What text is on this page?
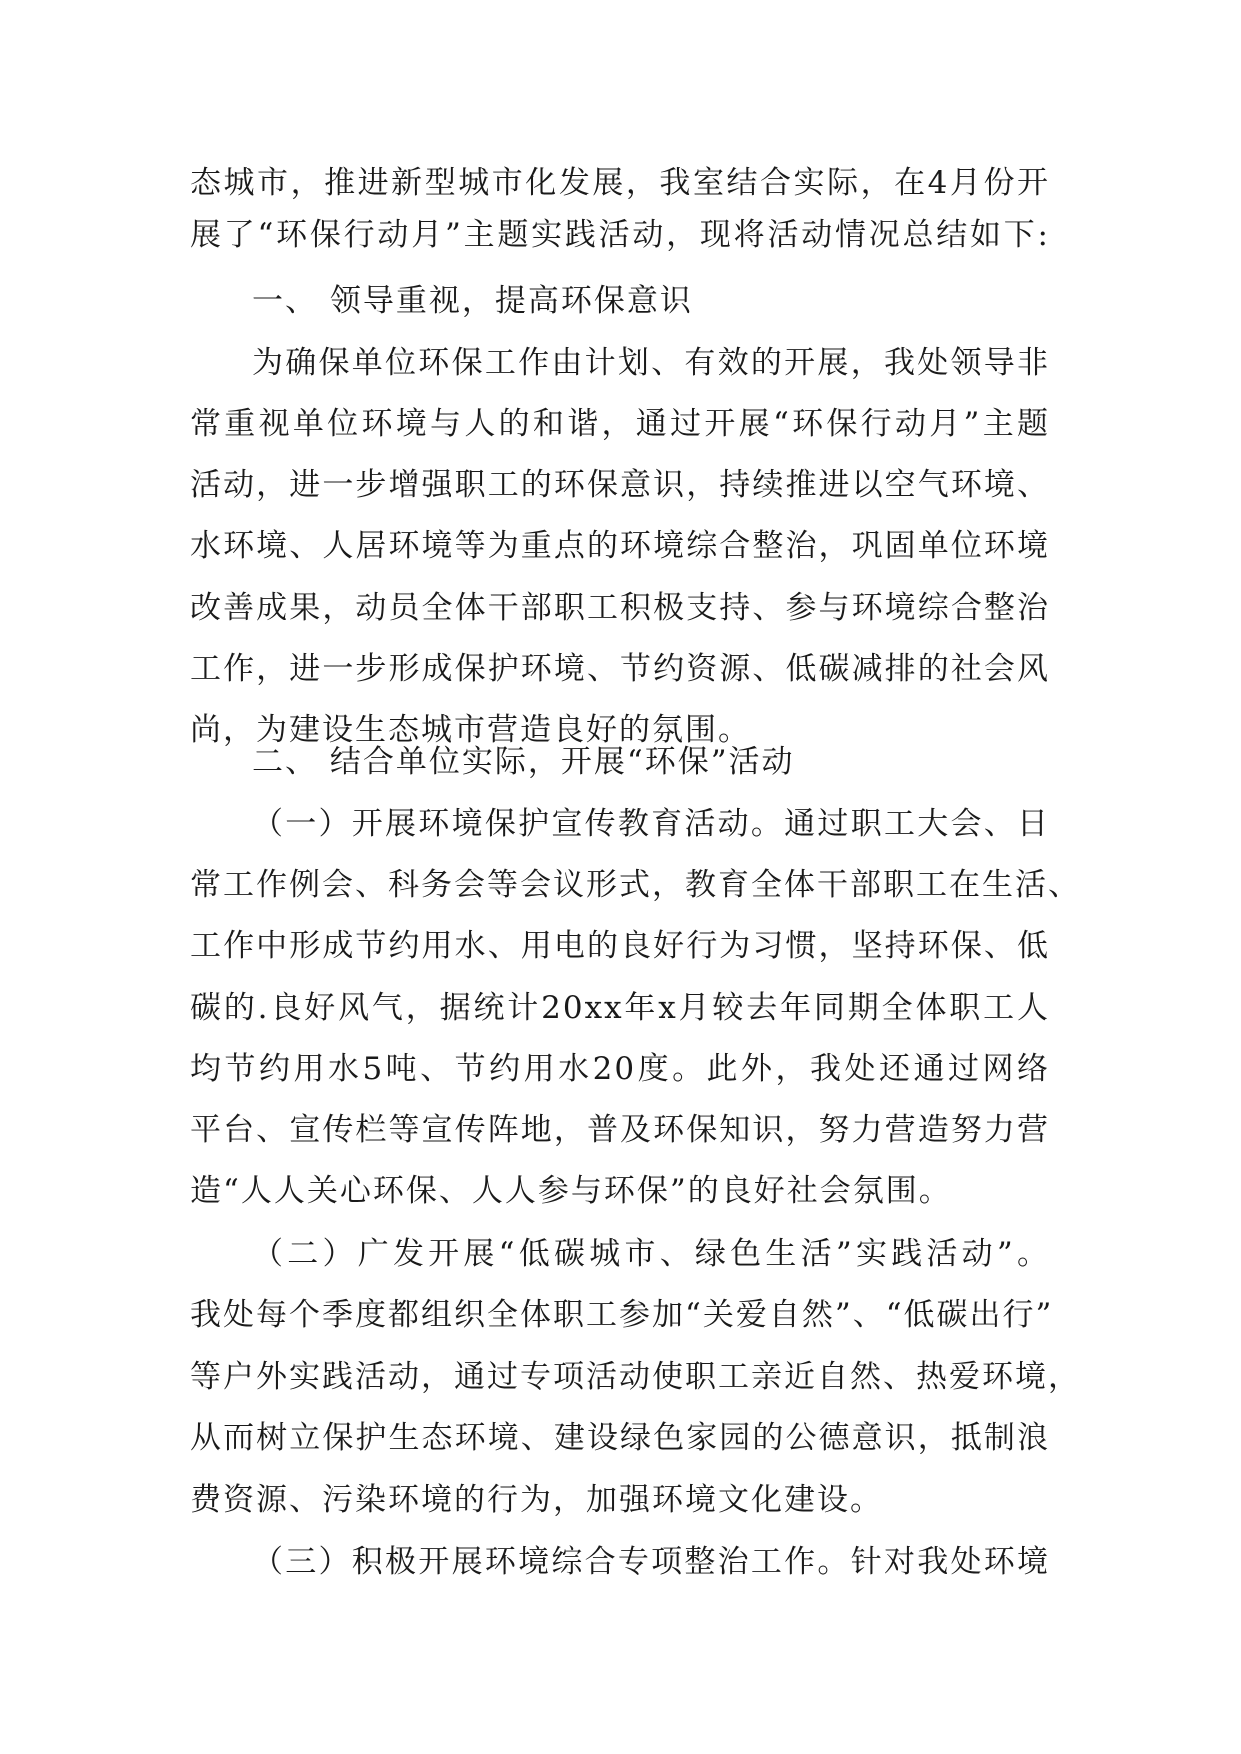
态城市，推进新型城市化发展，我室结合实际，在4月份开
展了“环保行动月”主题实践活动，现将活动情况总结如下:
一、 领导重视，提高环保意识
为确保单位环保工作由计划、有效的开展，我处领导非
常重视单位环境与人的和谐，通过开展“环保行动月”主题
活动，进一步增强职工的环保意识，持续推进以空气环境、
水环境、人居环境等为重点的环境综合整治，巩固单位环境
改善成果，动员全体干部职工积极支持、参与环境综合整治
工作，进一步形成保护环境、节约资源、低碳减排的社会风
尚，为建设生态城市营造良好的氛围。
二、 结合单位实际，开展“环保”活动
（一）开展环境保护宣传教育活动。通过职工大会、日
常工作例会、科务会等会议形式，教育全体干部职工在生活、
工作中形成节约用水、用电的良好行为习惯，坚持环保、低
碳的.良好风气，据统计20xx年x月较去年同期全体职工人
均节约用水5吨、节约用水20度。此外，我处还通过网络
平台、宣传栏等宣传阵地，普及环保知识，努力营造努力营
造“人人关心环保、人人参与环保”的良好社会氛围。
（二）广发开展“低碳城市、绿色生活”实践活动”。
我处每个季度都组织全体职工参加“关爱自然”、“低碳出行”
等户外实践活动，通过专项活动使职工亲近自然、热爱环境，
从而树立保护生态环境、建设绿色家园的公德意识，抵制浪
费资源、污染环境的行为，加强环境文化建设。
（三）积极开展环境综合专项整治工作。针对我处环境
